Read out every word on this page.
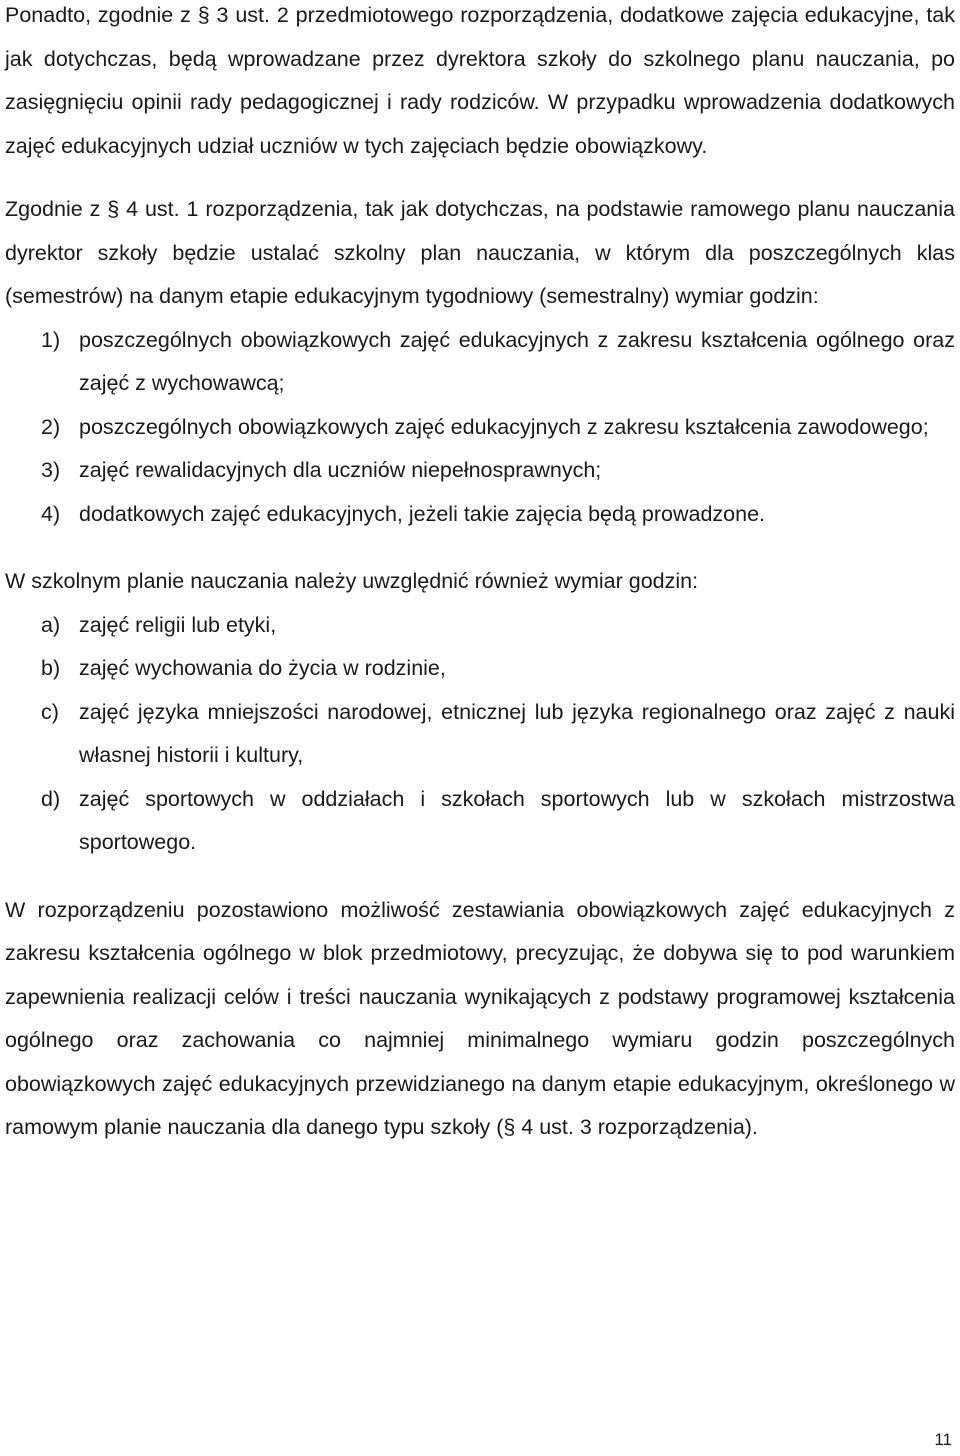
Ponadto, zgodnie z § 3 ust. 2 przedmiotowego rozporządzenia, dodatkowe zajęcia edukacyjne, tak jak dotychczas, będą wprowadzane przez dyrektora szkoły do szkolnego planu nauczania, po zasięgnięciu opinii rady pedagogicznej i rady rodziców. W przypadku wprowadzenia dodatkowych zajęć edukacyjnych udział uczniów w tych zajęciach będzie obowiązkowy.

Zgodnie z § 4 ust. 1 rozporządzenia, tak jak dotychczas, na podstawie ramowego planu nauczania dyrektor szkoły będzie ustalać szkolny plan nauczania, w którym dla poszczególnych klas (semestrów) na danym etapie edukacyjnym tygodniowy (semestralny) wymiar godzin:

1) poszczególnych obowiązkowych zajęć edukacyjnych z zakresu kształcenia ogólnego oraz zajęć z wychowawcą;
2) poszczególnych obowiązkowych zajęć edukacyjnych z zakresu kształcenia zawodowego;
3) zajęć rewalidacyjnych dla uczniów niepełnosprawnych;
4) dodatkowych zajęć edukacyjnych, jeżeli takie zajęcia będą prowadzone.

W szkolnym planie nauczania należy uwzględnić również wymiar godzin:

a) zajęć religii lub etyki,
b) zajęć wychowania do życia w rodzinie,
c) zajęć języka mniejszości narodowej, etnicznej lub języka regionalnego oraz zajęć z nauki własnej historii i kultury,
d) zajęć sportowych w oddziałach i szkołach sportowych lub w szkołach mistrzostwa sportowego.

W rozporządzeniu pozostawiono możliwość zestawiania obowiązkowych zajęć edukacyjnych z zakresu kształcenia ogólnego w blok przedmiotowy, precyzując, że dobywa się to pod warunkiem zapewnienia realizacji celów i treści nauczania wynikających z podstawy programowej kształcenia ogólnego oraz zachowania co najmniej minimalnego wymiaru godzin poszczególnych obowiązkowych zajęć edukacyjnych przewidzianego na danym etapie edukacyjnym, określonego w ramowym planie nauczania dla danego typu szkoły (§ 4 ust. 3 rozporządzenia).

11
